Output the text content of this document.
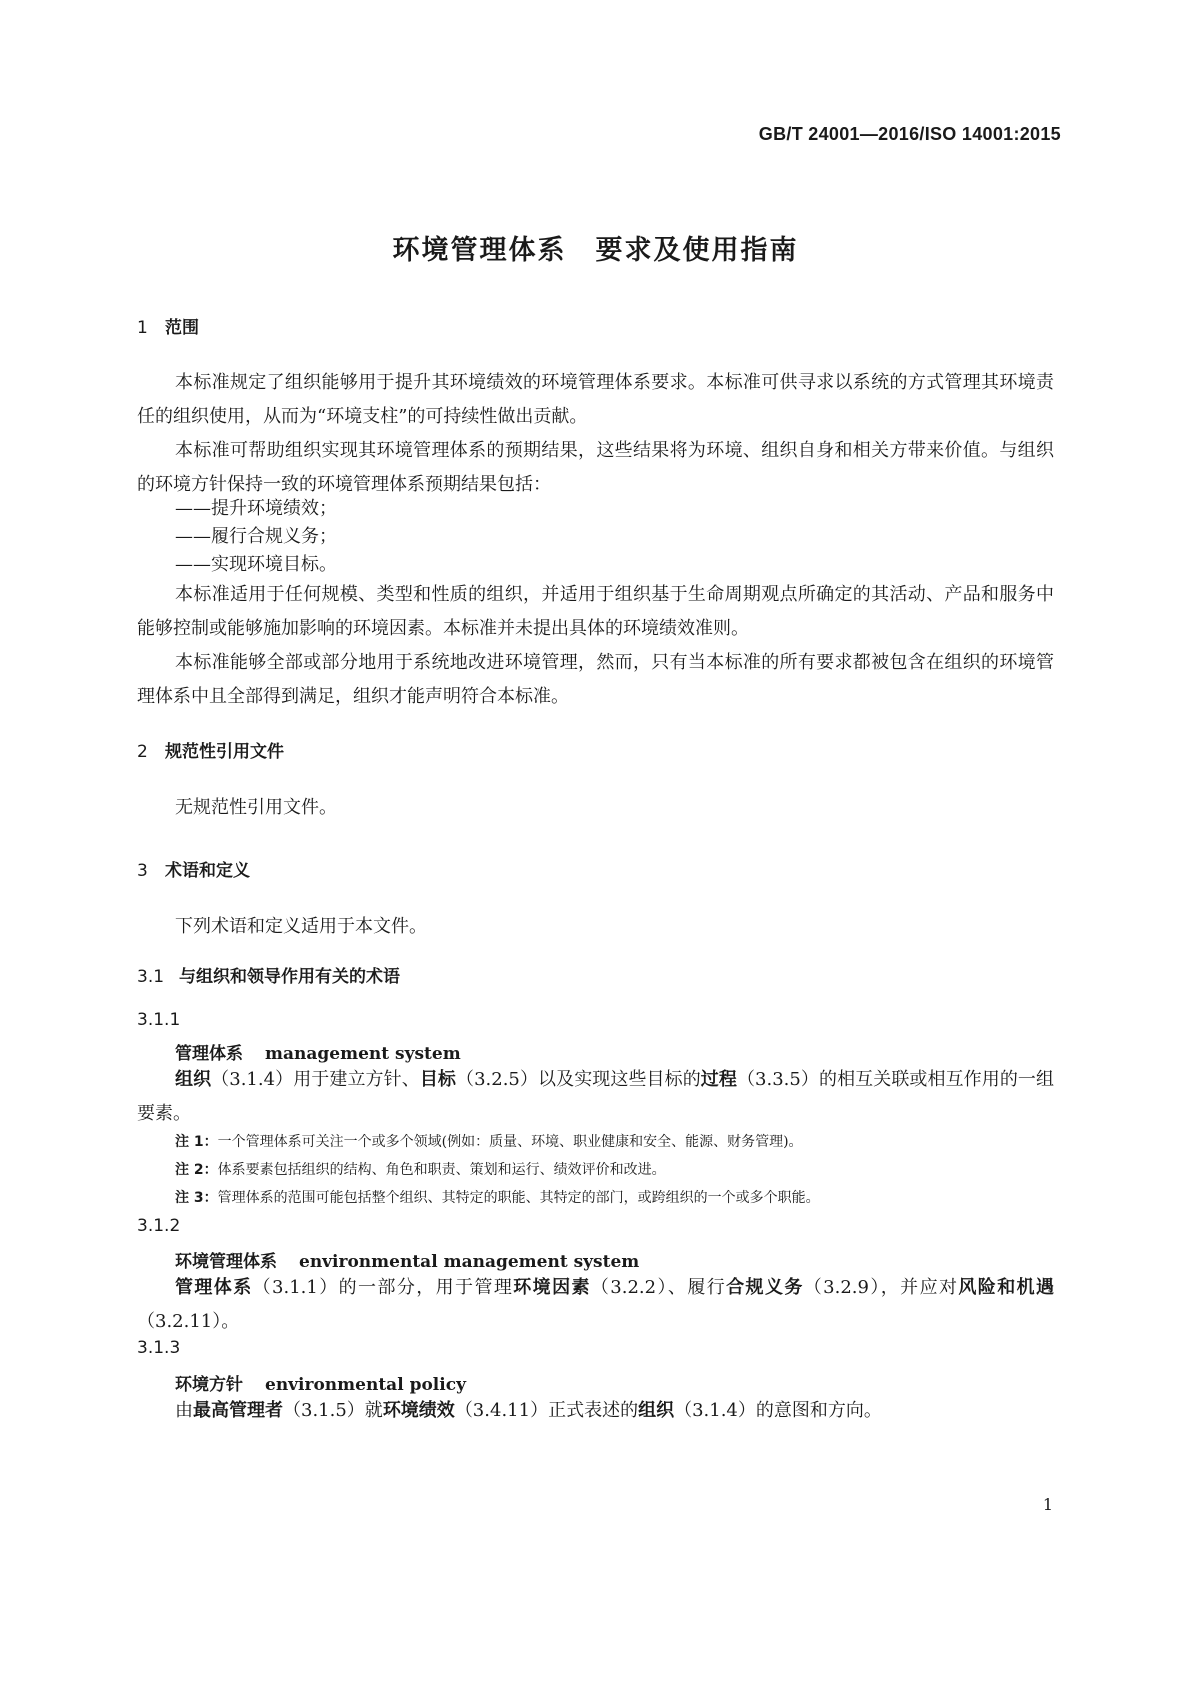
GB/T 24001—2016/ISO 14001:2015
环境管理体系　要求及使用指南
1 范围
本标准规定了组织能够用于提升其环境绩效的环境管理体系要求。本标准可供寻求以系统的方式管理其环境责任的组织使用，从而为“环境支柱”的可持续性做出贡献。
本标准可帮助组织实现其环境管理体系的预期结果，这些结果将为环境、组织自身和相关方带来价值。与组织的环境方针保持一致的环境管理体系预期结果包括：
——提升环境绩效；
——履行合规义务；
——实现环境目标。
本标准适用于任何规模、类型和性质的组织，并适用于组织基于生命周期观点所确定的其活动、产品和服务中能够控制或能够施加影响的环境因素。本标准并未提出具体的环境绩效准则。
本标准能够全部或部分地用于系统地改进环境管理，然而，只有当本标准的所有要求都被包含在组织的环境管理体系中且全部得到满足，组织才能声明符合本标准。
2 规范性引用文件
无规范性引用文件。
3 术语和定义
下列术语和定义适用于本文件。
3.1 与组织和领导作用有关的术语
3.1.1
管理体系 management system
组织（3.1.4）用于建立方针、目标（3.2.5）以及实现这些目标的过程（3.3.5）的相互关联或相互作用的一组要素。
注 1：一个管理体系可关注一个或多个领域(例如：质量、环境、职业健康和安全、能源、财务管理)。
注 2：体系要素包括组织的结构、角色和职责、策划和运行、绩效评价和改进。
注 3：管理体系的范围可能包括整个组织、其特定的职能、其特定的部门，或跨组织的一个或多个职能。
3.1.2
环境管理体系 environmental management system
管理体系（3.1.1）的一部分，用于管理环境因素（3.2.2）、履行合规义务（3.2.9），并应对风险和机遇（3.2.11）。
3.1.3
环境方针 environmental policy
由最高管理者（3.1.5）就环境绩效（3.4.11）正式表述的组织（3.1.4）的意图和方向。
1
